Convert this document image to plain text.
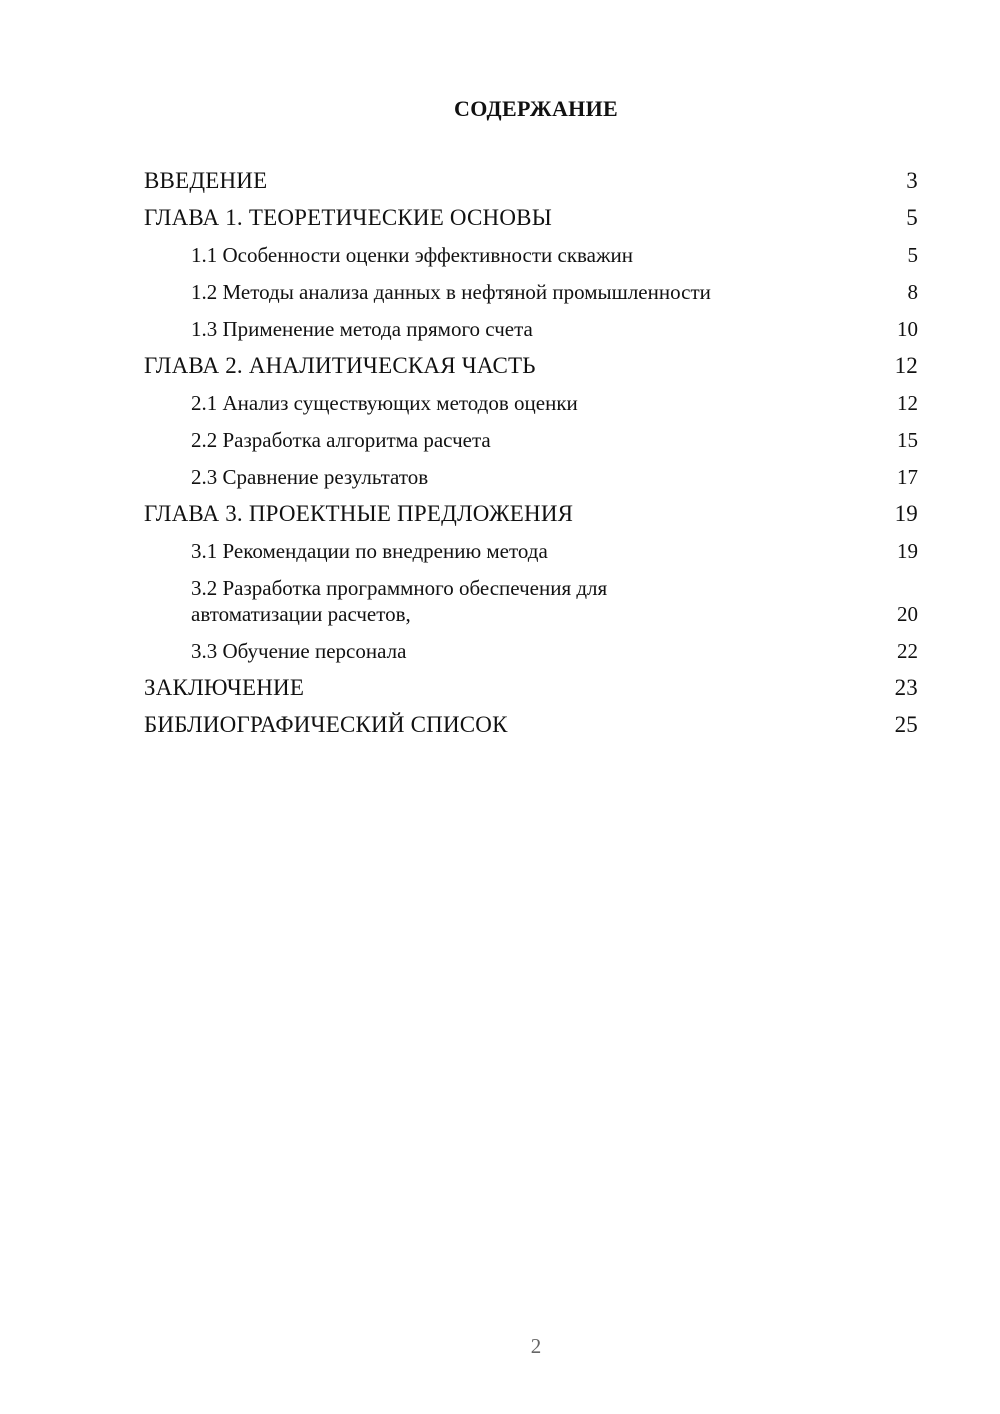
СОДЕРЖАНИЕ
ВВЕДЕНИЕ	3
ГЛАВА 1. ТЕОРЕТИЧЕСКИЕ ОСНОВЫ	5
1.1 Особенности оценки эффективности скважин	5
1.2 Методы анализа данных в нефтяной промышленности	8
1.3 Применение метода прямого счета	10
ГЛАВА 2. АНАЛИТИЧЕСКАЯ ЧАСТЬ	12
2.1 Анализ существующих методов оценки	12
2.2 Разработка алгоритма расчета	15
2.3 Сравнение результатов	17
ГЛАВА 3. ПРОЕКТНЫЕ ПРЕДЛОЖЕНИЯ	19
3.1 Рекомендации по внедрению метода	19
3.2 Разработка программного обеспечения для автоматизации расчетов,	20
3.3 Обучение персонала	22
ЗАКЛЮЧЕНИЕ	23
БИБЛИОГРАФИЧЕСКИЙ СПИСОК	25
2
